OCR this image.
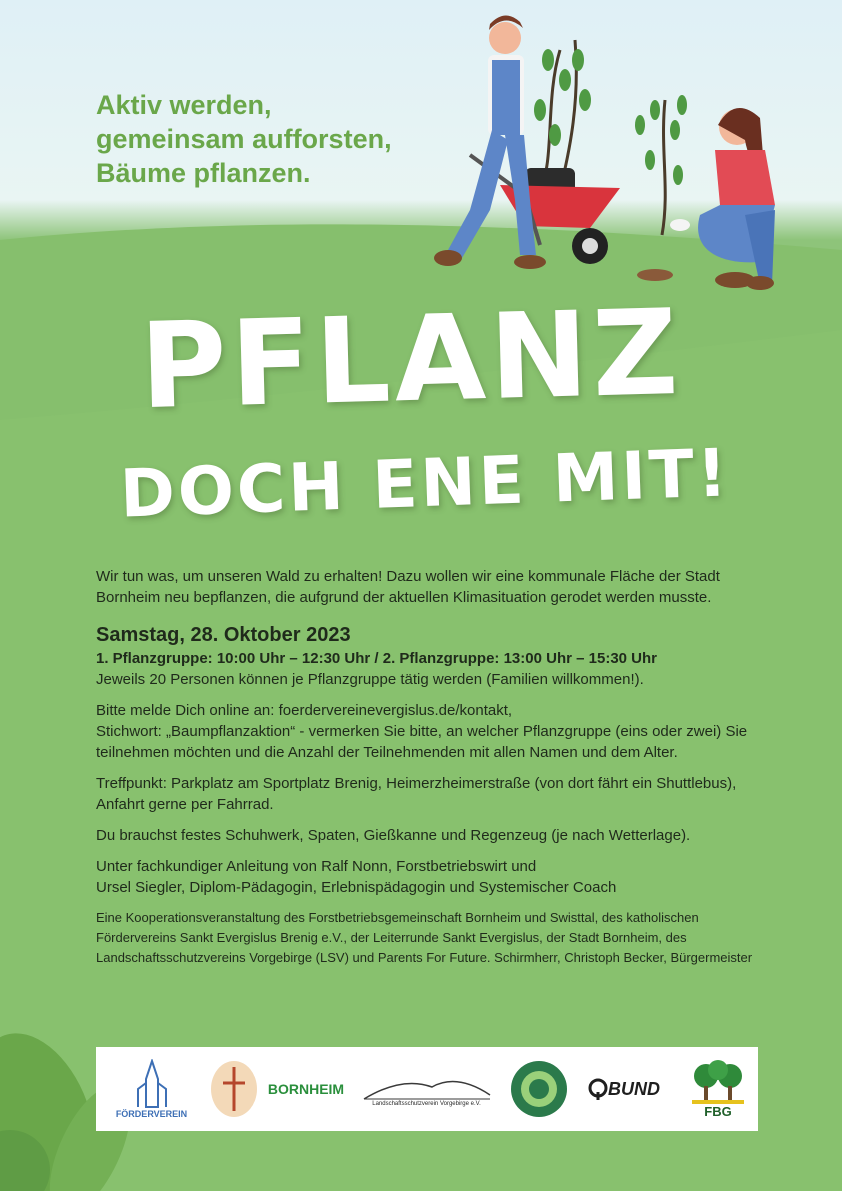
Aktiv werden,
gemeinsam aufforsten,
Bäume pflanzen.
PFLANZ
DOCH ENE MIT!

Wir tun was, um unseren Wald zu erhalten! Dazu wollen wir eine kommunale Fläche der Stadt Bornheim neu bepflanzen, die aufgrund der aktuellen Klimasituation gerodet werden musste.

Samstag, 28. Oktober 2023
1. Pflanzgruppe: 10:00 Uhr – 12:30 Uhr / 2. Pflanzgruppe: 13:00 Uhr – 15:30 Uhr

Jeweils 20 Personen können je Pflanzgruppe tätig werden (Familien willkommen!).

Bitte melde Dich online an: foerdervereinevergislus.de/kontakt,
Stichwort: „Baumpflanzaktion“ - vermerken Sie bitte, an welcher Pflanzgruppe (eins oder zwei) Sie teilnehmen möchten und die Anzahl der Teilnehmenden mit allen Namen und dem Alter.

Treffpunkt: Parkplatz am Sportplatz Brenig, Heimerzheimerstraße (von dort fährt ein Shuttlebus), Anfahrt gerne per Fahrrad.

Du brauchst festes Schuhwerk, Spaten, Gießkanne und Regenzeug (je nach Wetterlage).

Unter fachkundiger Anleitung von Ralf Nonn, Forstbetriebswirt und
Ursel Siegler, Diplom-Pädagogin, Erlebnispädagogin und Systemischer Coach

Eine Kooperationsveranstaltung des Forstbetriebsgemeinschaft Bornheim und Swisttal, des katholischen Fördervereins Sankt Evergislus Brenig e.V., der Leiterrunde Sankt Evergislus, der Stadt Bornheim, des Landschaftsschutzvereins Vorgebirge (LSV) und Parents For Future. Schirmherr, Christoph Becker, Bürgermeister

FÖRDERVEREIN
BORNHEIM
Landschaftsschutzverein Vorgebirge e.V.
BUND
FBG
